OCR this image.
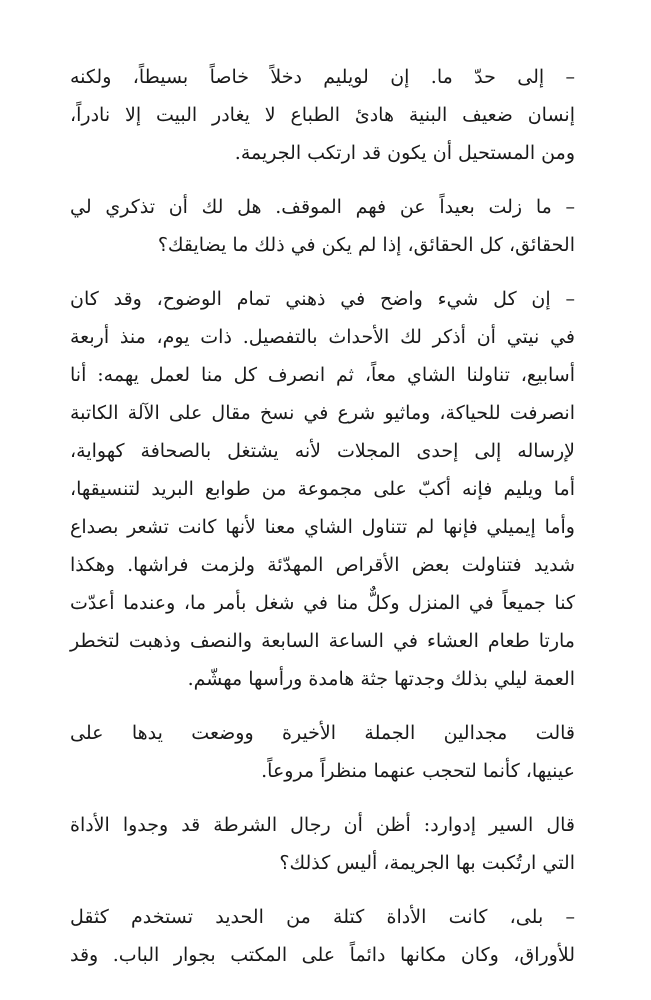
– إلى حدّ ما. إن لويليم دخلاً خاصاً بسيطاً، ولكنه
إنسان ضعيف البنية هادئ الطباع لا يغادر البيت إلا نادراً،
ومن المستحيل أن يكون قد ارتكب الجريمة.
– ما زلت بعيداً عن فهم الموقف. هل لك أن تذكري لي
الحقائق، كل الحقائق، إذا لم يكن في ذلك ما يضايقك؟
– إن كل شيء واضح في ذهني تمام الوضوح، وقد كان
في نيتي أن أذكر لك الأحداث بالتفصيل. ذات يوم، منذ أربعة
أسابيع، تناولنا الشاي معاً، ثم انصرف كل منا لعمل يهمه: أنا
انصرفت للحياكة، وماثيو شرع في نسخ مقال على الآلة الكاتبة
لإرساله إلى إحدى المجلات لأنه يشتغل بالصحافة كهواية،
أما ويليم فإنه أكبّ على مجموعة من طوابع البريد لتنسيقها،
وأما إيميلي فإنها لم تتناول الشاي معنا لأنها كانت تشعر بصداع
شديد فتناولت بعض الأقراص المهدّئة ولزمت فراشها. وهكذا
كنا جميعاً في المنزل وكلٌّ منا في شغل بأمر ما، وعندما أعدّت
مارتا طعام العشاء في الساعة السابعة والنصف وذهبت لتخطر
العمة ليلي بذلك وجدتها جثة هامدة ورأسها مهشّم.
قالت مجدالين الجملة الأخيرة ووضعت يدها على
عينيها، كأنما لتحجب عنهما منظراً مروعاً.
قال السير إدوارد: أظن أن رجال الشرطة قد وجدوا الأداة
التي ارتُكبت بها الجريمة، أليس كذلك؟
– بلى، كانت الأداة كتلة من الحديد تستخدم كثقل
للأوراق، وكان مكانها دائماً على المكتب بجوار الباب. وقد
